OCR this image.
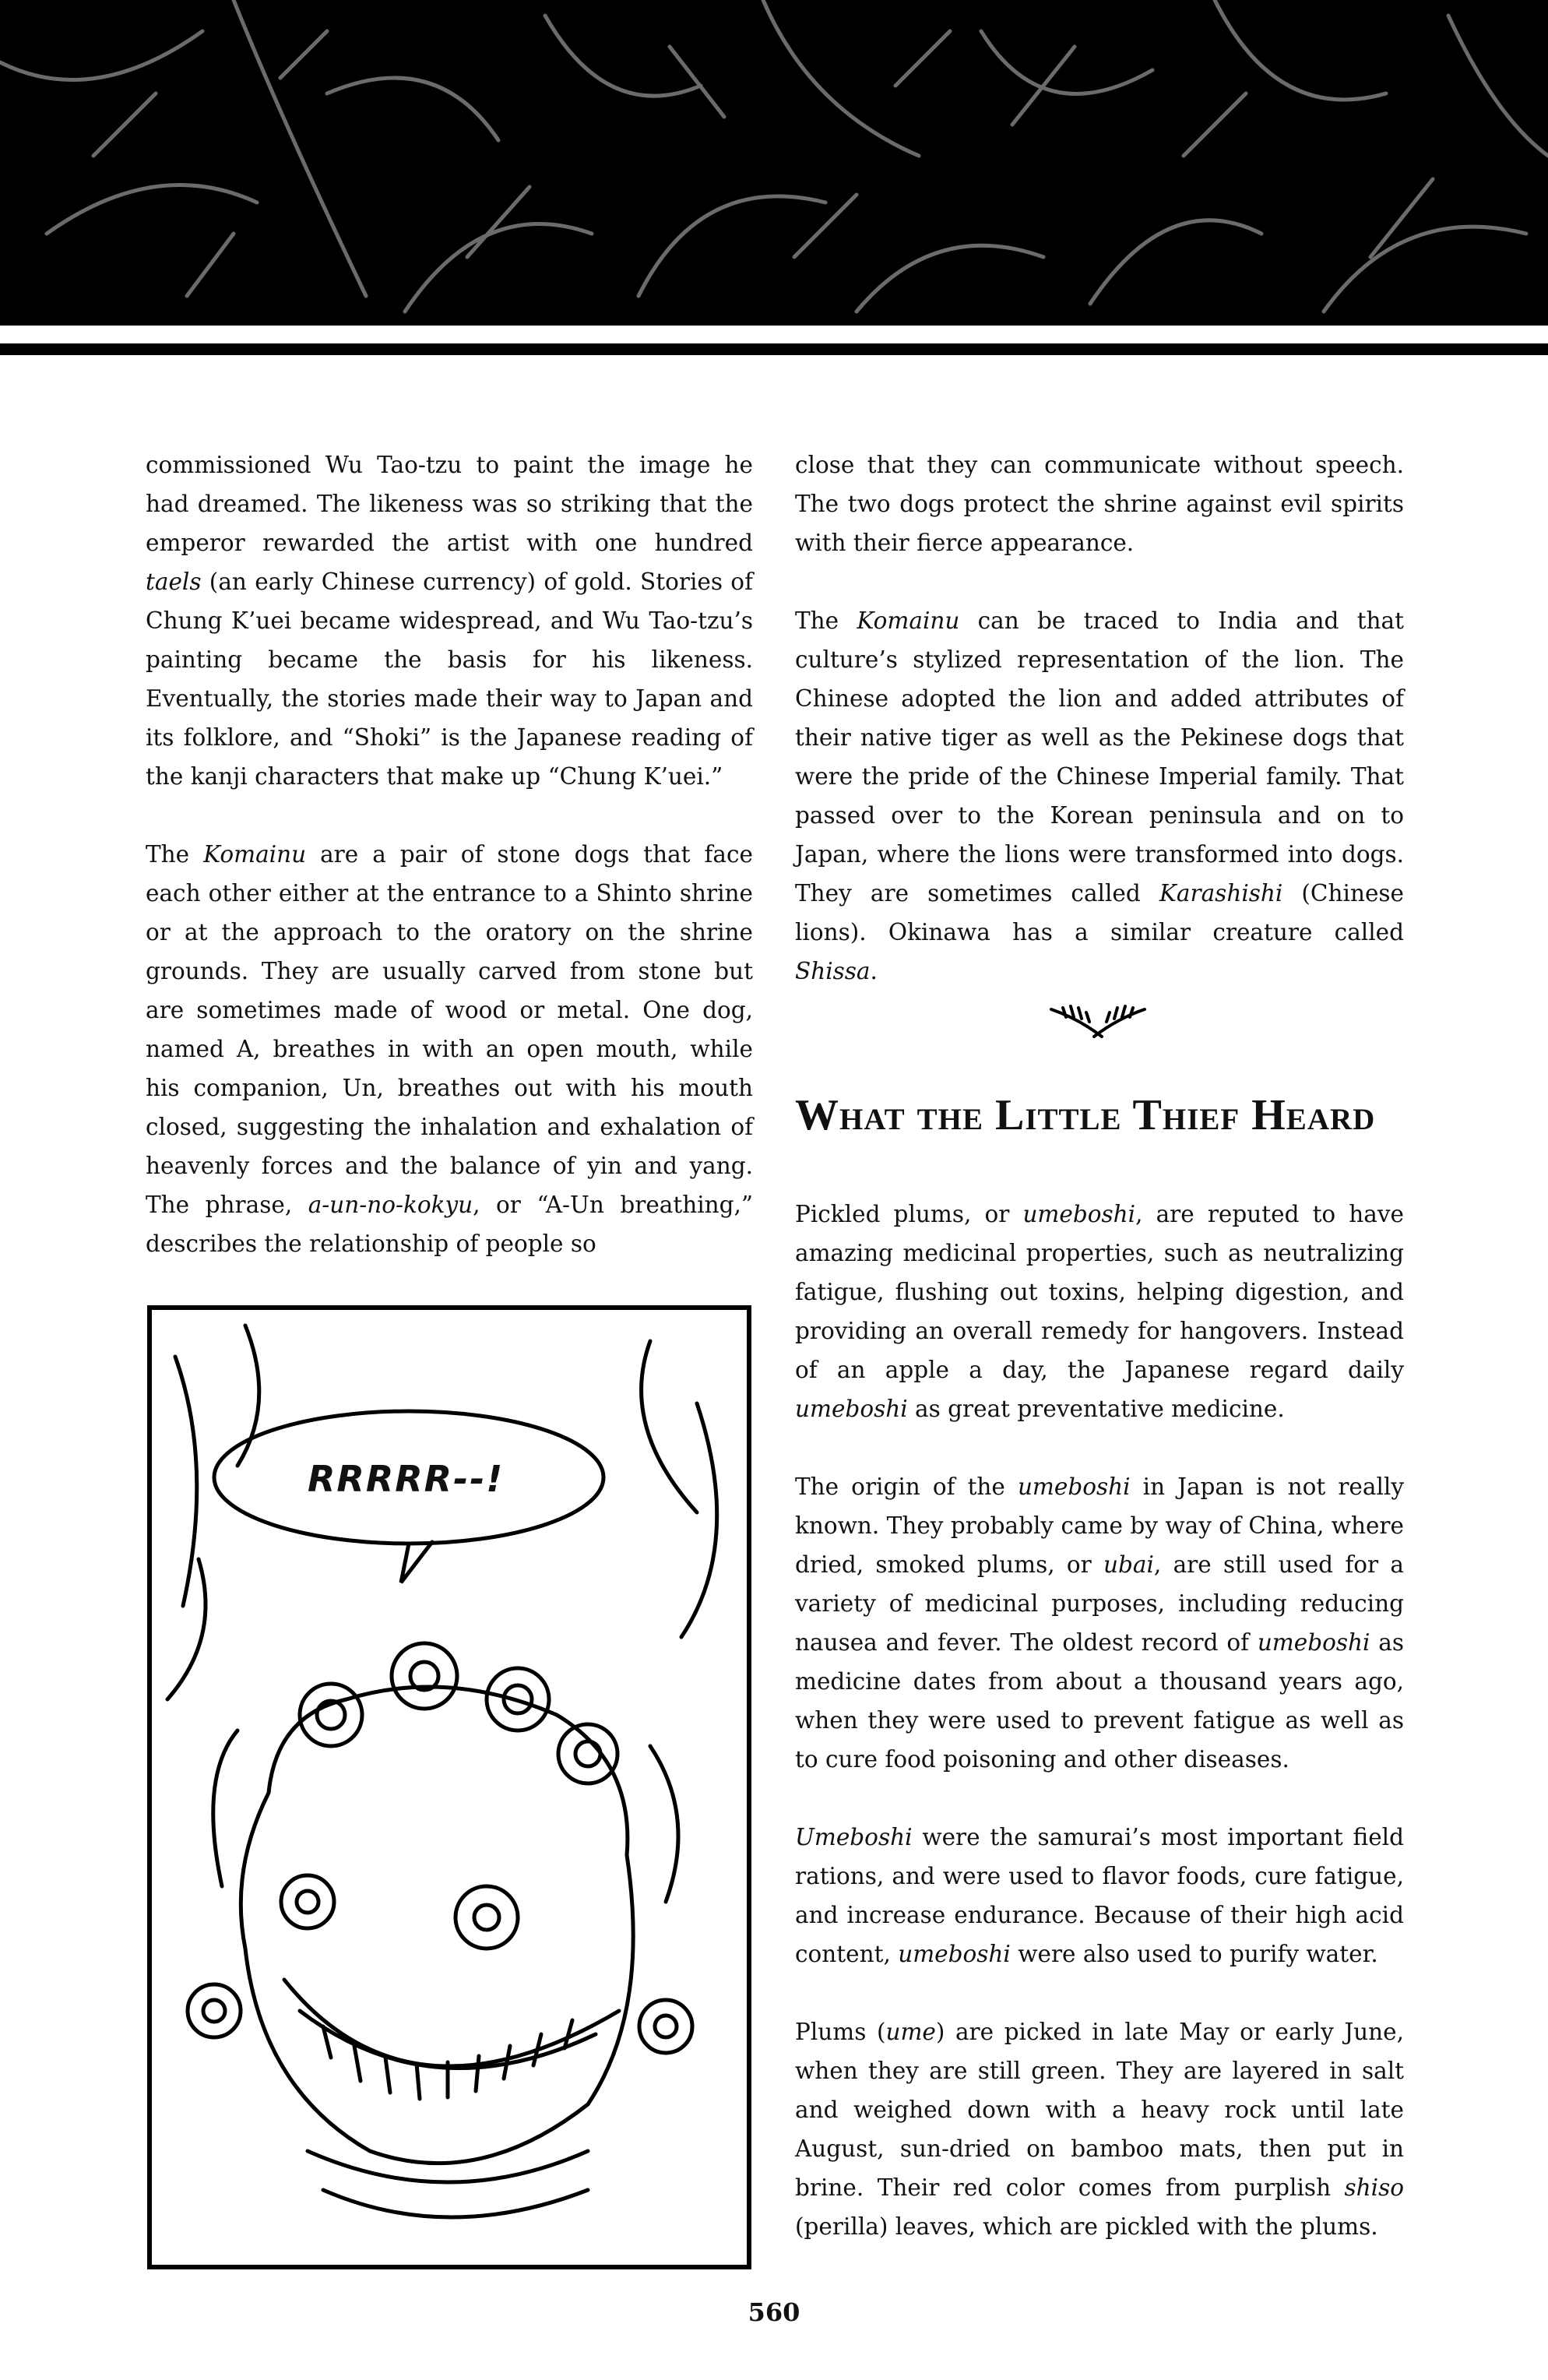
commissioned Wu Tao-tzu to paint the image he had dreamed. The likeness was so striking that the emperor rewarded the artist with one hundred taels (an early Chinese currency) of gold. Stories of Chung K’uei became widespread, and Wu Tao-tzu’s painting became the basis for his likeness. Eventually, the stories made their way to Japan and its folklore, and “Shoki” is the Japanese reading of the kanji characters that make up “Chung K’uei.”

The Komainu are a pair of stone dogs that face each other either at the entrance to a Shinto shrine or at the approach to the oratory on the shrine grounds. They are usually carved from stone but are sometimes made of wood or metal. One dog, named A, breathes in with an open mouth, while his companion, Un, breathes out with his mouth closed, suggesting the inhalation and exhalation of heavenly forces and the balance of yin and yang. The phrase, a-un-no-kokyu, or “A-Un breathing,” describes the relationship of people so

close that they can communicate without speech. The two dogs protect the shrine against evil spirits with their fierce appearance.

The Komainu can be traced to India and that culture’s stylized representation of the lion. The Chinese adopted the lion and added attributes of their native tiger as well as the Pekinese dogs that were the pride of the Chinese Imperial family. That passed over to the Korean peninsula and on to Japan, where the lions were transformed into dogs. They are sometimes called Karashishi (Chinese lions). Okinawa has a similar creature called Shissa.

What the Little Thief Heard

Pickled plums, or umeboshi, are reputed to have amazing medicinal properties, such as neutralizing fatigue, flushing out toxins, helping digestion, and providing an overall remedy for hangovers. Instead of an apple a day, the Japanese regard daily umeboshi as great preventative medicine.

The origin of the umeboshi in Japan is not really known. They probably came by way of China, where dried, smoked plums, or ubai, are still used for a variety of medicinal purposes, including reducing nausea and fever. The oldest record of umeboshi as medicine dates from about a thousand years ago, when they were used to prevent fatigue as well as to cure food poisoning and other diseases.

Umeboshi were the samurai’s most important field rations, and were used to flavor foods, cure fatigue, and increase endurance. Because of their high acid content, umeboshi were also used to purify water.

Plums (ume) are picked in late May or early June, when they are still green. They are layered in salt and weighed down with a heavy rock until late August, sun-dried on bamboo mats, then put in brine. Their red color comes from purplish shiso (perilla) leaves, which are pickled with the plums.

RRRRR--!
560
